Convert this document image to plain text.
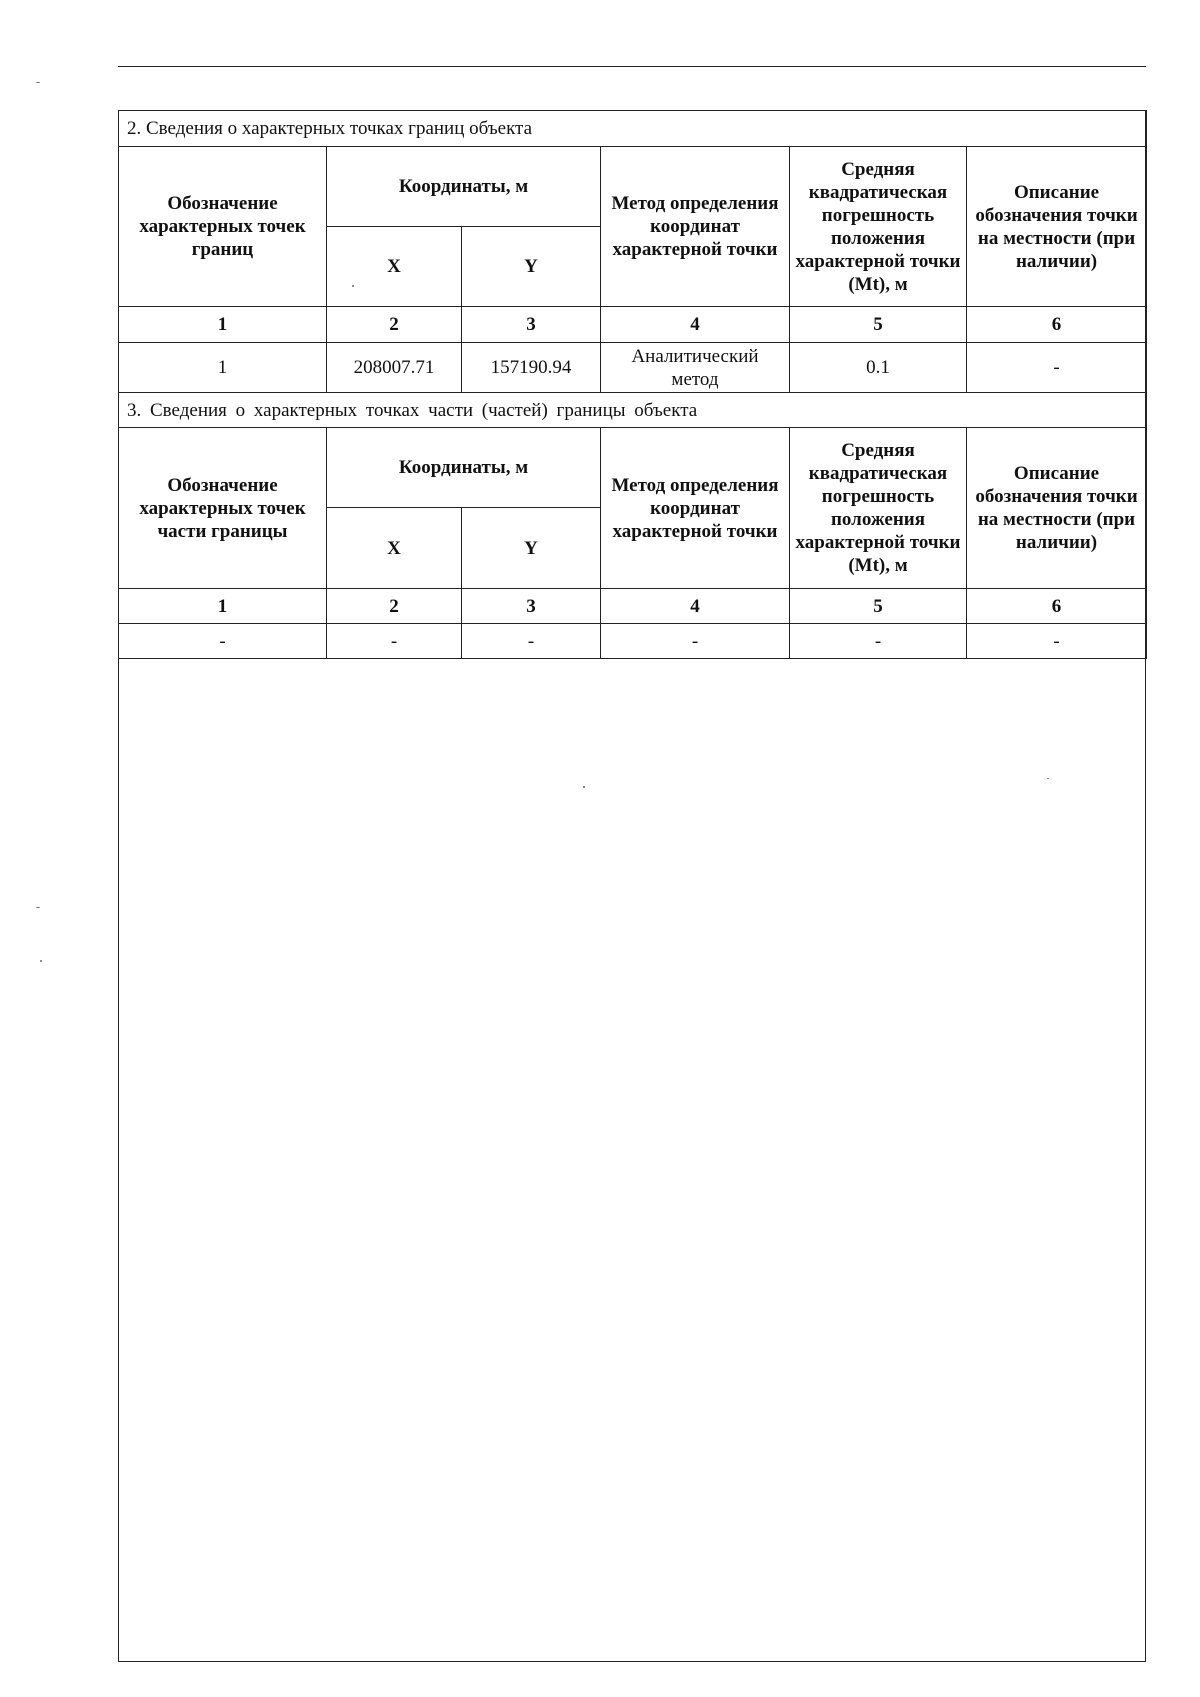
2. Сведения о характерных точках границ объекта					
Обозначение характерных точек границ	Координаты, м		Метод определения координат характерной точки	Средняя квадратическая погрешность положения характерной точки (Mt), м	Описание обозначения точки на местности (при наличии)
	X	Y			
1	2	3	4	5	6
1	208007.71	157190.94	Аналитический метод	0.1	-
3. Сведения о характерных точках части (частей) границы объекта					
Обозначение характерных точек части границы	Координаты, м		Метод определения координат характерной точки	Средняя квадратическая погрешность положения характерной точки (Mt), м	Описание обозначения точки на местности (при наличии)
	X	Y			
1	2	3	4	5	6
-	-	-	-	-	-
